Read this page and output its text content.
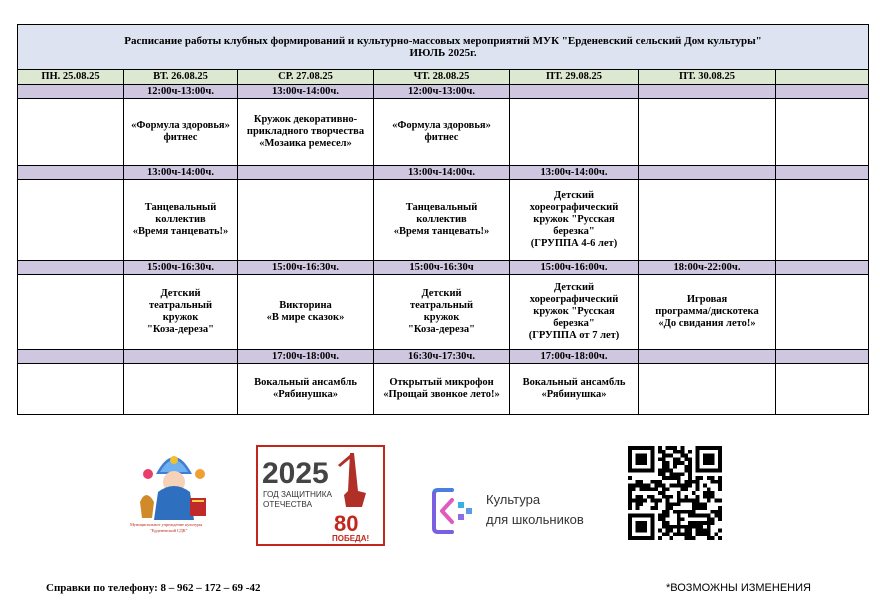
Расписание работы клубных формирований и культурно-массовых мероприятий МУК "Ерденевский сельский Дом культуры"
ИЮЛЬ 2025г.						

ПН. 25.08.25	ВТ. 26.08.25	СР. 27.08.25	ЧТ. 28.08.25	ПТ. 29.08.25	ПТ. 30.08.25	
	12:00ч-13:00ч.	13:00ч-14:00ч.	12:00ч-13:00ч.			
	«Формула здоровья»
фитнес	Кружок декоративно-
прикладного творчества
«Мозаика ремесел»	«Формула здоровья»
фитнес			
	13:00ч-14:00ч.		13:00ч-14:00ч.	13:00ч-14:00ч.		
	Танцевальный
коллектив
«Время танцевать!»		Танцевальный
коллектив
«Время танцевать!»	Детский
хореографический
кружок "Русская
березка"
(ГРУППА 4-6 лет)		
	15:00ч-16:30ч.	15:00ч-16:30ч.	15:00ч-16:30ч	15:00ч-16:00ч.	18:00ч-22:00ч.	
	Детский
театральный
кружок
"Коза-дереза"	Викторина
«В мире сказок»	Детский
театральный
кружок
"Коза-дереза"	Детский
хореографический
кружок "Русская
березка"
(ГРУППА от 7 лет)	Игровая
программа/дискотека
«До свидания лето!»	
		17:00ч-18:00ч.	16:30ч-17:30ч.	17:00ч-18:00ч.		
		Вокальный ансамбль
«Рябинушка»	Открытый микрофон
«Прощай звонкое лето!»	Вокальный ансамбль
«Рябинушка»		
Муниципальное учреждение культуры
"Ерденевский СДК"
2025
ГОД ЗАЩИТНИКА
ОТЕЧЕСТВА
80
ПОБЕДА!
Культура
для школьников
Справки по телефону: 8 – 962 – 172 – 69 -42	*ВОЗМОЖНЫ ИЗМЕНЕНИЯ
